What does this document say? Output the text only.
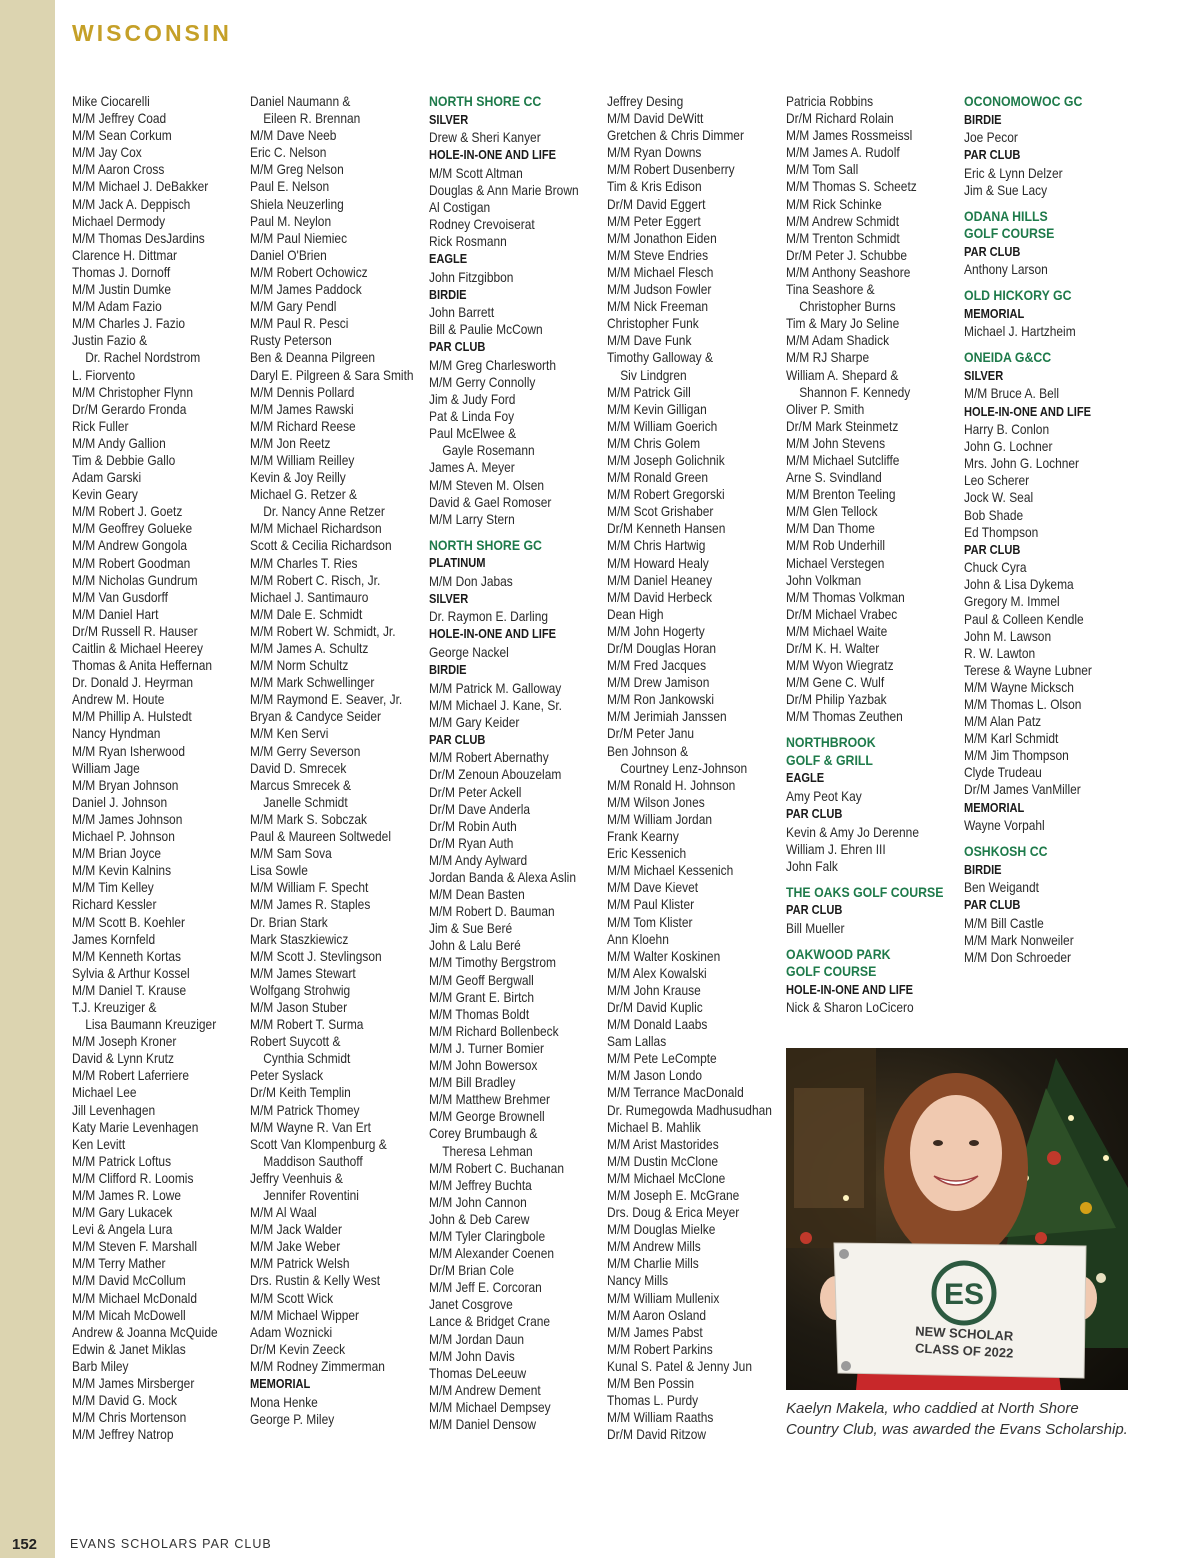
WISCONSIN
Mike Ciocarelli
M/M Jeffrey Coad
M/M Sean Corkum
M/M Jay Cox
M/M Aaron Cross
M/M Michael J. DeBakker
M/M Jack A. Deppisch
Michael Dermody
M/M Thomas DesJardins
Clarence H. Dittmar
Thomas J. Dornoff
M/M Justin Dumke
M/M Adam Fazio
M/M Charles J. Fazio
Justin Fazio &
Dr. Rachel Nordstrom
L. Fiorvento
M/M Christopher Flynn
Dr/M Gerardo Fronda
Rick Fuller
M/M Andy Gallion
Tim & Debbie Gallo
Adam Garski
Kevin Geary
M/M Robert J. Goetz
M/M Geoffrey Golueke
M/M Andrew Gongola
M/M Robert Goodman
M/M Nicholas Gundrum
M/M Van Gusdorff
M/M Daniel Hart
Dr/M Russell R. Hauser
Caitlin & Michael Heerey
Thomas & Anita Heffernan
Dr. Donald J. Heyrman
Andrew M. Houte
M/M Phillip A. Hulstedt
Nancy Hyndman
M/M Ryan Isherwood
William Jage
M/M Bryan Johnson
Daniel J. Johnson
M/M James Johnson
Michael P. Johnson
M/M Brian Joyce
M/M Kevin Kalnins
M/M Tim Kelley
Richard Kessler
M/M Scott B. Koehler
James Kornfeld
M/M Kenneth Kortas
Sylvia & Arthur Kossel
M/M Daniel T. Krause
T.J. Kreuziger &
Lisa Baumann Kreuziger
M/M Joseph Kroner
David & Lynn Krutz
M/M Robert Laferriere
Michael Lee
Jill Levenhagen
Katy Marie Levenhagen
Ken Levitt
M/M Patrick Loftus
M/M Clifford R. Loomis
M/M James R. Lowe
M/M Gary Lukacek
Levi & Angela Lura
M/M Steven F. Marshall
M/M Terry Mather
M/M David McCollum
M/M Michael McDonald
M/M Micah McDowell
Andrew & Joanna McQuide
Edwin & Janet Miklas
Barb Miley
M/M James Mirsberger
M/M David G. Mock
M/M Chris Mortenson
M/M Jeffrey Natrop
Daniel Naumann &
Eileen R. Brennan
M/M Dave Neeb
Eric C. Nelson
M/M Greg Nelson
Paul E. Nelson
Shiela Neuzerling
Paul M. Neylon
M/M Paul Niemiec
Daniel O'Brien
M/M Robert Ochowicz
M/M James Paddock
M/M Gary Pendl
M/M Paul R. Pesci
Rusty Peterson
Ben & Deanna Pilgreen
Daryl E. Pilgreen & Sara Smith
M/M Dennis Pollard
M/M James Rawski
M/M Richard Reese
M/M Jon Reetz
M/M William Reilley
Kevin & Joy Reilly
Michael G. Retzer &
Dr. Nancy Anne Retzer
M/M Michael Richardson
Scott & Cecilia Richardson
M/M Charles T. Ries
M/M Robert C. Risch, Jr.
Michael J. Santimauro
M/M Dale E. Schmidt
M/M Robert W. Schmidt, Jr.
M/M James A. Schultz
M/M Norm Schultz
M/M Mark Schwellinger
M/M Raymond E. Seaver, Jr.
Bryan & Candyce Seider
M/M Ken Servi
M/M Gerry Severson
David D. Smrecek
Marcus Smrecek &
Janelle Schmidt
M/M Mark S. Sobczak
Paul & Maureen Soltwedel
M/M Sam Sova
Lisa Sowle
M/M William F. Specht
M/M James R. Staples
Dr. Brian Stark
Mark Staszkiewicz
M/M Scott J. Stevlingson
M/M James Stewart
Wolfgang Strohwig
M/M Jason Stuber
M/M Robert T. Surma
Robert Suycott &
Cynthia Schmidt
Peter Syslack
Dr/M Keith Templin
M/M Patrick Thomey
M/M Wayne R. Van Ert
Scott Van Klompenburg &
Maddison Sauthoff
Jeffry Veenhuis &
Jennifer Roventini
M/M Al Waal
M/M Jack Walder
M/M Jake Weber
M/M Patrick Welsh
Drs. Rustin & Kelly West
M/M Scott Wick
M/M Michael Wipper
Adam Woznicki
Dr/M Kevin Zeeck
M/M Rodney Zimmerman
MEMORIAL
Mona Henke
George P. Miley
NORTH SHORE CC
SILVER
Drew & Sheri Kanyer
HOLE-IN-ONE AND LIFE
M/M Scott Altman
Douglas & Ann Marie Brown
Al Costigan
Rodney Crevoiserat
Rick Rosmann
EAGLE
John Fitzgibbon
BIRDIE
John Barrett
Bill & Paulie McCown
PAR CLUB
M/M Greg Charlesworth
M/M Gerry Connolly
Jim & Judy Ford
Pat & Linda Foy
Paul McElwee &
Gayle Rosemann
James A. Meyer
M/M Steven M. Olsen
David & Gael Romoser
M/M Larry Stern
NORTH SHORE GC
PLATINUM
M/M Don Jabas
SILVER
Dr. Raymon E. Darling
HOLE-IN-ONE AND LIFE
George Nackel
BIRDIE
M/M Patrick M. Galloway
M/M Michael J. Kane, Sr.
M/M Gary Keider
PAR CLUB
M/M Robert Abernathy
Dr/M Zenoun Abouzelam
Dr/M Peter Ackell
Dr/M Dave Anderla
Dr/M Robin Auth
Dr/M Ryan Auth
M/M Andy Aylward
Jordan Banda & Alexa Aslin
M/M Dean Basten
M/M Robert D. Bauman
Jim & Sue Beré
John & Lalu Beré
M/M Timothy Bergstrom
M/M Geoff Bergwall
M/M Grant E. Birtch
M/M Thomas Boldt
M/M Richard Bollenbeck
M/M J. Turner Bomier
M/M John Bowersox
M/M Bill Bradley
M/M Matthew Brehmer
M/M George Brownell
Corey Brumbaugh &
Theresa Lehman
M/M Robert C. Buchanan
M/M Jeffrey Buchta
M/M John Cannon
John & Deb Carew
M/M Tyler Claringbole
M/M Alexander Coenen
Dr/M Brian Cole
M/M Jeff E. Corcoran
Janet Cosgrove
Lance & Bridget Crane
M/M Jordan Daun
M/M John Davis
Thomas DeLeeuw
M/M Andrew Dement
M/M Michael Dempsey
M/M Daniel Densow
Jeffrey Desing
M/M David DeWitt
Gretchen & Chris Dimmer
M/M Ryan Downs
M/M Robert Dusenberry
Tim & Kris Edison
Dr/M David Eggert
M/M Peter Eggert
M/M Jonathon Eiden
M/M Steve Endries
M/M Michael Flesch
M/M Judson Fowler
M/M Nick Freeman
Christopher Funk
M/M Dave Funk
Timothy Galloway &
Siv Lindgren
M/M Patrick Gill
M/M Kevin Gilligan
M/M William Goerich
M/M Chris Golem
M/M Joseph Golichnik
M/M Ronald Green
M/M Robert Gregorski
M/M Scot Grishaber
Dr/M Kenneth Hansen
M/M Chris Hartwig
M/M Howard Healy
M/M Daniel Heaney
M/M David Herbeck
Dean High
M/M John Hogerty
Dr/M Douglas Horan
M/M Fred Jacques
M/M Drew Jamison
M/M Ron Jankowski
M/M Jerimiah Janssen
Dr/M Peter Janu
Ben Johnson &
Courtney Lenz-Johnson
M/M Ronald H. Johnson
M/M Wilson Jones
M/M William Jordan
Frank Kearny
Eric Kessenich
M/M Michael Kessenich
M/M Dave Kievet
M/M Paul Klister
M/M Tom Klister
Ann Kloehn
M/M Walter Koskinen
M/M Alex Kowalski
M/M John Krause
Dr/M David Kuplic
M/M Donald Laabs
Sam Lallas
M/M Pete LeCompte
M/M Jason Londo
M/M Terrance MacDonald
Dr. Rumegowda Madhusudhan
Michael B. Mahlik
M/M Arist Mastorides
M/M Dustin McClone
M/M Michael McClone
M/M Joseph E. McGrane
Drs. Doug & Erica Meyer
M/M Douglas Mielke
M/M Andrew Mills
M/M Charlie Mills
Nancy Mills
M/M William Mullenix
M/M Aaron Osland
M/M James Pabst
M/M Robert Parkins
Kunal S. Patel & Jenny Jun
M/M Ben Possin
Thomas L. Purdy
M/M William Raaths
Dr/M David Ritzow
Patricia Robbins
Dr/M Richard Rolain
M/M James Rossmeissl
M/M James A. Rudolf
M/M Tom Sall
M/M Thomas S. Scheetz
M/M Rick Schinke
M/M Andrew Schmidt
M/M Trenton Schmidt
Dr/M Peter J. Schubbe
M/M Anthony Seashore
Tina Seashore &
Christopher Burns
Tim & Mary Jo Seline
M/M Adam Shadick
M/M RJ Sharpe
William A. Shepard &
Shannon F. Kennedy
Oliver P. Smith
Dr/M Mark Steinmetz
M/M John Stevens
M/M Michael Sutcliffe
Arne S. Svindland
M/M Brenton Teeling
M/M Glen Tellock
M/M Dan Thome
M/M Rob Underhill
Michael Verstegen
John Volkman
M/M Thomas Volkman
Dr/M Michael Vrabec
M/M Michael Waite
Dr/M K. H. Walter
M/M Wyon Wiegratz
M/M Gene C. Wulf
Dr/M Philip Yazbak
M/M Thomas Zeuthen
NORTHBROOK
GOLF & GRILL
EAGLE
Amy Peot Kay
PAR CLUB
Kevin & Amy Jo Derenne
William J. Ehren III
John Falk
THE OAKS GOLF COURSE
PAR CLUB
Bill Mueller
OAKWOOD PARK
GOLF COURSE
HOLE-IN-ONE AND LIFE
Nick & Sharon LoCicero
OCONOMOWOC GC
BIRDIE
Joe Pecor
PAR CLUB
Eric & Lynn Delzer
Jim & Sue Lacy
ODANA HILLS
GOLF COURSE
PAR CLUB
Anthony Larson
OLD HICKORY GC
MEMORIAL
Michael J. Hartzheim
ONEIDA G&CC
SILVER
M/M Bruce A. Bell
HOLE-IN-ONE AND LIFE
Harry B. Conlon
John G. Lochner
Mrs. John G. Lochner
Leo Scherer
Jock W. Seal
Bob Shade
Ed Thompson
PAR CLUB
Chuck Cyra
John & Lisa Dykema
Gregory M. Immel
Paul & Colleen Kendle
John M. Lawson
R. W. Lawton
Terese & Wayne Lubner
M/M Wayne Micksch
M/M Thomas L. Olson
M/M Alan Patz
M/M Karl Schmidt
M/M Jim Thompson
Clyde Trudeau
Dr/M James VanMiller
MEMORIAL
Wayne Vorpahl
OSHKOSH CC
BIRDIE
Ben Weigandt
PAR CLUB
M/M Bill Castle
M/M Mark Nonweiler
M/M Don Schroeder
ES
NEW SCHOLAR
CLASS OF 2022
Kaelyn Makela, who caddied at North Shore Country Club, was awarded the Evans Scholarship.
152	EVANS SCHOLARS PAR CLUB
